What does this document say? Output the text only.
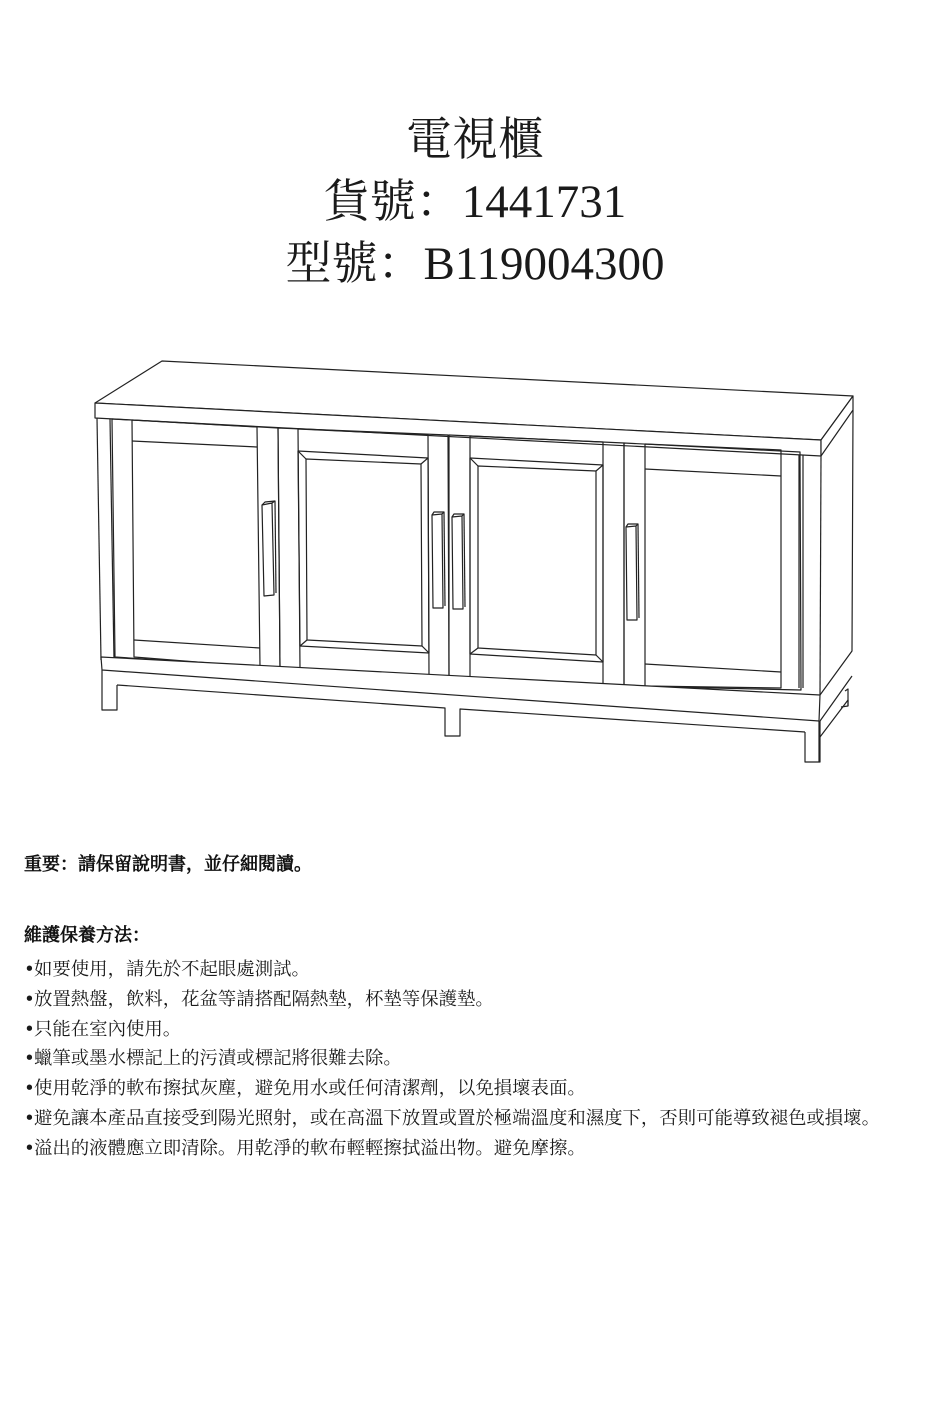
電視櫃
貨號：1441731
型號：B119004300
重要：請保留說明書，並仔細閱讀。
維護保養方法：
•如要使用，請先於不起眼處測試。
•放置熱盤，飲料，花盆等請搭配隔熱墊，杯墊等保護墊。
•只能在室內使用。
•蠟筆或墨水標記上的污漬或標記將很難去除。
•使用乾淨的軟布擦拭灰塵，避免用水或任何清潔劑，以免損壞表面。
•避免讓本產品直接受到陽光照射，或在高溫下放置或置於極端溫度和濕度下，否則可能導致褪色或損壞。
•溢出的液體應立即清除。用乾淨的軟布輕輕擦拭溢出物。避免摩擦。
